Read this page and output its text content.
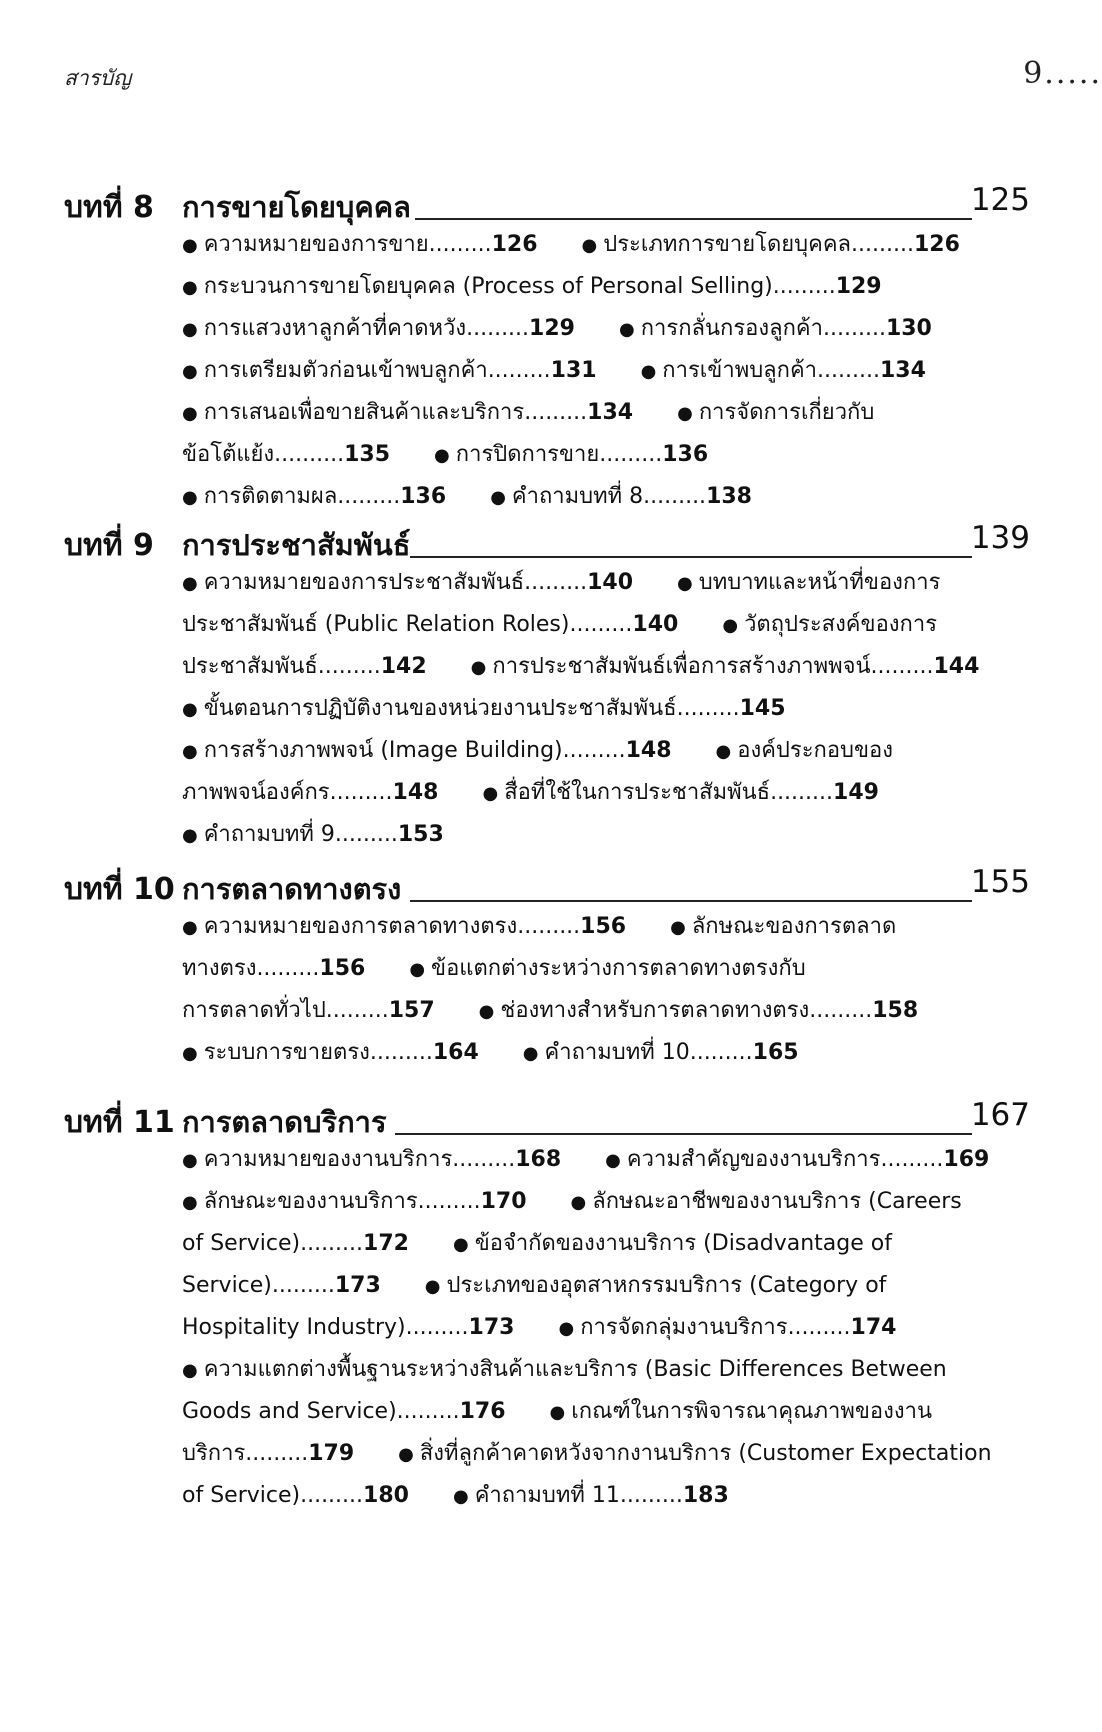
สารบัญ	9.....
บทที่ 8 การขายโดยบุคคล	125
● ความหมายของการขาย.........126 ● ประเภทการขายโดยบุคคล.........126
● กระบวนการขายโดยบุคคล (Process of Personal Selling).........129
● การแสวงหาลูกค้าที่คาดหวัง.........129 ● การกลั่นกรองลูกค้า.........130
● การเตรียมตัวก่อนเข้าพบลูกค้า.........131 ● การเข้าพบลูกค้า.........134
● การเสนอเพื่อขายสินค้าและบริการ.........134 ● การจัดการเกี่ยวกับ
ข้อโต้แย้ง..........135 ● การปิดการขาย.........136
● การติดตามผล.........136 ● คำถามบทที่ 8.........138
บทที่ 9 การประชาสัมพันธ์	139
● ความหมายของการประชาสัมพันธ์.........140 ● บทบาทและหน้าที่ของการ
ประชาสัมพันธ์ (Public Relation Roles).........140 ● วัตถุประสงค์ของการ
ประชาสัมพันธ์.........142 ● การประชาสัมพันธ์เพื่อการสร้างภาพพจน์.........144
● ขั้นตอนการปฏิบัติงานของหน่วยงานประชาสัมพันธ์.........145
● การสร้างภาพพจน์ (Image Building).........148 ● องค์ประกอบของ
ภาพพจน์องค์กร.........148 ● สื่อที่ใช้ในการประชาสัมพันธ์.........149
● คำถามบทที่ 9.........153
บทที่ 10 การตลาดทางตรง	155
● ความหมายของการตลาดทางตรง.........156 ● ลักษณะของการตลาด
ทางตรง.........156 ● ข้อแตกต่างระหว่างการตลาดทางตรงกับ
การตลาดทั่วไป.........157 ● ช่องทางสำหรับการตลาดทางตรง.........158
● ระบบการขายตรง.........164 ● คำถามบทที่ 10.........165
บทที่ 11 การตลาดบริการ	167
● ความหมายของงานบริการ.........168 ● ความสำคัญของงานบริการ.........169
● ลักษณะของงานบริการ.........170 ● ลักษณะอาชีพของงานบริการ (Careers
of Service).........172 ● ข้อจำกัดของงานบริการ (Disadvantage of
Service).........173 ● ประเภทของอุตสาหกรรมบริการ (Category of
Hospitality Industry).........173 ● การจัดกลุ่มงานบริการ.........174
● ความแตกต่างพื้นฐานระหว่างสินค้าและบริการ (Basic Differences Between
Goods and Service).........176 ● เกณฑ์ในการพิจารณาคุณภาพของงาน
บริการ.........179 ● สิ่งที่ลูกค้าคาดหวังจากงานบริการ (Customer Expectation
of Service).........180 ● คำถามบทที่ 11.........183
